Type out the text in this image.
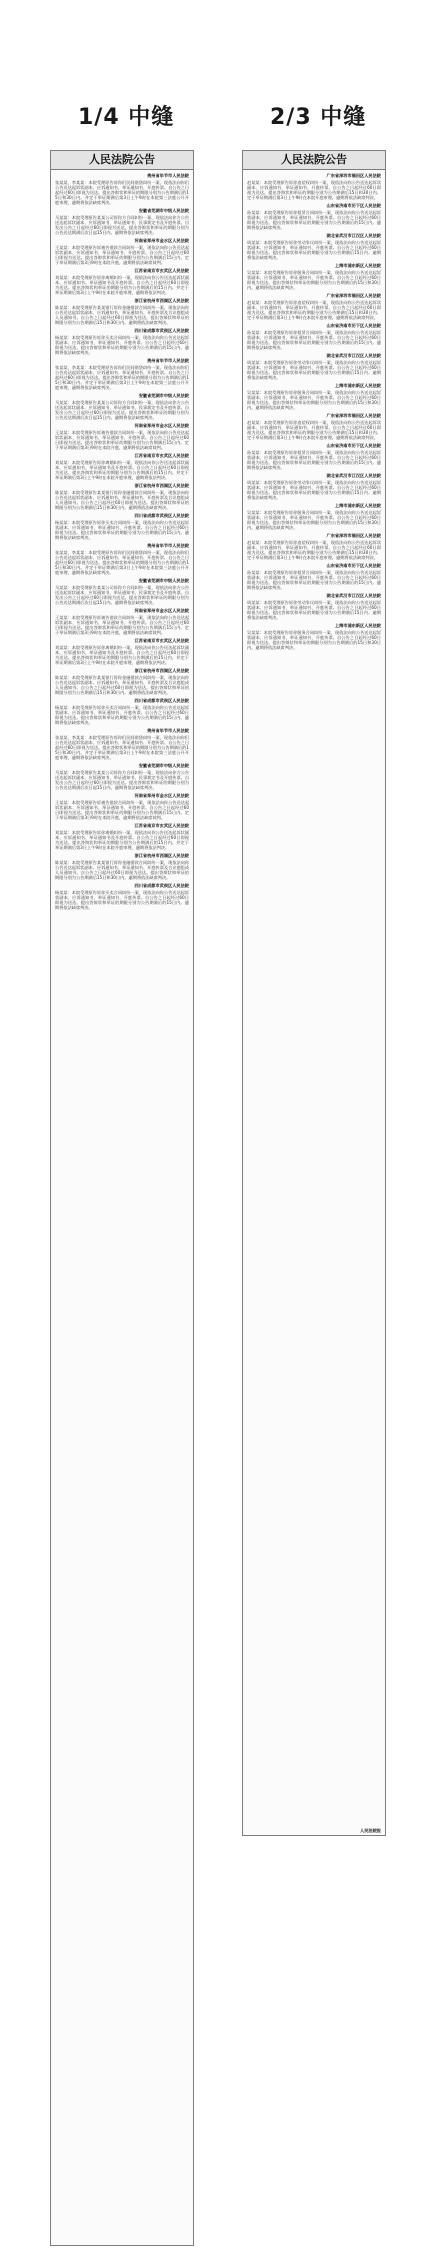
1/4 中缝	2/3 中缝
人民法院公告
贵州省毕节市人民法院
张某某、李某某：本院受理原告诉你们民间借贷纠纷一案，现依法向你们公告送达起诉状副本、应诉通知书、举证通知书、开庭传票。自公告之日起经过60日即视为送达。提出答辩状和举证的期限分别为公告期满后的15日和30日内。并定于举证期满后第3日上午9时在本院第三法庭公开开庭审理，逾期将依法缺席判决。
安徽省芜湖市中级人民法院
马某某：本院受理原告某某公司诉你方合同纠纷一案，现依法向你方公告送达起诉状副本、应诉通知书、举证通知书、民事裁定书及开庭传票。自发出公告之日起经过60日即视为送达。提出答辩状和举证的期限分别为公告送达期满后次日起15日内。逾期将依法缺席判决。
河南省郑州市金水区人民法院
王某某：本院受理原告诉被告借款合同纠纷一案，现依法向你公告送达起诉状副本、应诉通知书、举证通知书、开庭传票。自公告之日起经过60日即视为送达。提出答辩状和举证的期限分别为公告期满后15日内。定于举证期满后第3日9时在本院开庭，逾期将依法缺席裁判。
江苏省南京市玄武区人民法院
刘某某：本院受理原告诉你离婚纠纷一案，现依法向你公告送达起诉状副本、应诉通知书、举证通知书及开庭传票。自公告之日起经过60日即视为送达。提出答辩状和举证的期限分别为公告期满后的15日内。并定于举证期满后第3日上午9时在本院开庭审理，逾期将依法判决。
浙江省杭州市西湖区人民法院
陈某某：本院受理原告某某银行诉你金融借款合同纠纷一案，现依法向你公告送达起诉状副本、应诉通知书、举证通知书、开庭传票及合议庭组成人员通知书。自公告之日起经过60日即视为送达。提出答辩状和举证的期限分别为公告期满后15日和30日内。逾期将依法缺席判决。
四川省成都市武侯区人民法院
杨某某：本院受理原告诉你买卖合同纠纷一案，现依法向你公告送达起诉状副本、应诉通知书、举证通知书、开庭传票。自公告之日起经过60日即视为送达。提出答辩状和举证的期限分别为公告期满后的15日内。逾期将依法缺席判决。
贵州省毕节市人民法院
张某某、李某某：本院受理原告诉你们民间借贷纠纷一案，现依法向你们公告送达起诉状副本、应诉通知书、举证通知书、开庭传票。自公告之日起经过60日即视为送达。提出答辩状和举证的期限分别为公告期满后的15日和30日内。并定于举证期满后第3日上午9时在本院第三法庭公开开庭审理，逾期将依法缺席判决。
安徽省芜湖市中级人民法院
马某某：本院受理原告某某公司诉你方合同纠纷一案，现依法向你方公告送达起诉状副本、应诉通知书、举证通知书、民事裁定书及开庭传票。自发出公告之日起经过60日即视为送达。提出答辩状和举证的期限分别为公告送达期满后次日起15日内。逾期将依法缺席判决。
河南省郑州市金水区人民法院
王某某：本院受理原告诉被告借款合同纠纷一案，现依法向你公告送达起诉状副本、应诉通知书、举证通知书、开庭传票。自公告之日起经过60日即视为送达。提出答辩状和举证的期限分别为公告期满后15日内。定于举证期满后第3日9时在本院开庭，逾期将依法缺席裁判。
江苏省南京市玄武区人民法院
刘某某：本院受理原告诉你离婚纠纷一案，现依法向你公告送达起诉状副本、应诉通知书、举证通知书及开庭传票。自公告之日起经过60日即视为送达。提出答辩状和举证的期限分别为公告期满后的15日内。并定于举证期满后第3日上午9时在本院开庭审理，逾期将依法判决。
浙江省杭州市西湖区人民法院
陈某某：本院受理原告某某银行诉你金融借款合同纠纷一案，现依法向你公告送达起诉状副本、应诉通知书、举证通知书、开庭传票及合议庭组成人员通知书。自公告之日起经过60日即视为送达。提出答辩状和举证的期限分别为公告期满后15日和30日内。逾期将依法缺席判决。
四川省成都市武侯区人民法院
杨某某：本院受理原告诉你买卖合同纠纷一案，现依法向你公告送达起诉状副本、应诉通知书、举证通知书、开庭传票。自公告之日起经过60日即视为送达。提出答辩状和举证的期限分别为公告期满后的15日内。逾期将依法缺席判决。
贵州省毕节市人民法院
张某某、李某某：本院受理原告诉你们民间借贷纠纷一案，现依法向你们公告送达起诉状副本、应诉通知书、举证通知书、开庭传票。自公告之日起经过60日即视为送达。提出答辩状和举证的期限分别为公告期满后的15日和30日内。并定于举证期满后第3日上午9时在本院第三法庭公开开庭审理，逾期将依法缺席判决。
安徽省芜湖市中级人民法院
马某某：本院受理原告某某公司诉你方合同纠纷一案，现依法向你方公告送达起诉状副本、应诉通知书、举证通知书、民事裁定书及开庭传票。自发出公告之日起经过60日即视为送达。提出答辩状和举证的期限分别为公告送达期满后次日起15日内。逾期将依法缺席判决。
河南省郑州市金水区人民法院
王某某：本院受理原告诉被告借款合同纠纷一案，现依法向你公告送达起诉状副本、应诉通知书、举证通知书、开庭传票。自公告之日起经过60日即视为送达。提出答辩状和举证的期限分别为公告期满后15日内。定于举证期满后第3日9时在本院开庭，逾期将依法缺席裁判。
江苏省南京市玄武区人民法院
刘某某：本院受理原告诉你离婚纠纷一案，现依法向你公告送达起诉状副本、应诉通知书、举证通知书及开庭传票。自公告之日起经过60日即视为送达。提出答辩状和举证的期限分别为公告期满后的15日内。并定于举证期满后第3日上午9时在本院开庭审理，逾期将依法判决。
浙江省杭州市西湖区人民法院
陈某某：本院受理原告某某银行诉你金融借款合同纠纷一案，现依法向你公告送达起诉状副本、应诉通知书、举证通知书、开庭传票及合议庭组成人员通知书。自公告之日起经过60日即视为送达。提出答辩状和举证的期限分别为公告期满后15日和30日内。逾期将依法缺席判决。
四川省成都市武侯区人民法院
杨某某：本院受理原告诉你买卖合同纠纷一案，现依法向你公告送达起诉状副本、应诉通知书、举证通知书、开庭传票。自公告之日起经过60日即视为送达。提出答辩状和举证的期限分别为公告期满后的15日内。逾期将依法缺席判决。
贵州省毕节市人民法院
张某某、李某某：本院受理原告诉你们民间借贷纠纷一案，现依法向你们公告送达起诉状副本、应诉通知书、举证通知书、开庭传票。自公告之日起经过60日即视为送达。提出答辩状和举证的期限分别为公告期满后的15日和30日内。并定于举证期满后第3日上午9时在本院第三法庭公开开庭审理，逾期将依法缺席判决。
安徽省芜湖市中级人民法院
马某某：本院受理原告某某公司诉你方合同纠纷一案，现依法向你方公告送达起诉状副本、应诉通知书、举证通知书、民事裁定书及开庭传票。自发出公告之日起经过60日即视为送达。提出答辩状和举证的期限分别为公告送达期满后次日起15日内。逾期将依法缺席判决。
河南省郑州市金水区人民法院
王某某：本院受理原告诉被告借款合同纠纷一案，现依法向你公告送达起诉状副本、应诉通知书、举证通知书、开庭传票。自公告之日起经过60日即视为送达。提出答辩状和举证的期限分别为公告期满后15日内。定于举证期满后第3日9时在本院开庭，逾期将依法缺席裁判。
江苏省南京市玄武区人民法院
刘某某：本院受理原告诉你离婚纠纷一案，现依法向你公告送达起诉状副本、应诉通知书、举证通知书及开庭传票。自公告之日起经过60日即视为送达。提出答辩状和举证的期限分别为公告期满后的15日内。并定于举证期满后第3日上午9时在本院开庭审理，逾期将依法判决。
浙江省杭州市西湖区人民法院
陈某某：本院受理原告某某银行诉你金融借款合同纠纷一案，现依法向你公告送达起诉状副本、应诉通知书、举证通知书、开庭传票及合议庭组成人员通知书。自公告之日起经过60日即视为送达。提出答辩状和举证的期限分别为公告期满后15日和30日内。逾期将依法缺席判决。
四川省成都市武侯区人民法院
杨某某：本院受理原告诉你买卖合同纠纷一案，现依法向你公告送达起诉状副本、应诉通知书、举证通知书、开庭传票。自公告之日起经过60日即视为送达。提出答辩状和举证的期限分别为公告期满后的15日内。逾期将依法缺席判决。
人民法院公告
广东省深圳市福田区人民法院
赵某某：本院受理原告诉你追偿权纠纷一案，现依法向你公告送达起诉状副本、应诉通知书、举证通知书、开庭传票。自公告之日起经过60日即视为送达。提出答辩状和举证的期限分别为公告期满后15日和30日内。定于举证期满后第3日上午9时在本院开庭审理，逾期将依法缺席判决。
山东省济南市历下区人民法院
孙某某：本院受理原告诉你租赁合同纠纷一案，现依法向你公告送达起诉状副本、应诉通知书、举证通知书、开庭传票。自公告之日起经过60日即视为送达。提出答辩状和举证的期限分别为公告期满后的15日内。逾期将依法缺席判决。
湖北省武汉市江汉区人民法院
周某某：本院受理原告诉你劳动争议纠纷一案，现依法向你公告送达起诉状副本、应诉通知书、举证通知书、开庭传票。自公告之日起经过60日即视为送达。提出答辩状和举证的期限分别为公告期满后15日内。逾期将依法缺席判决。
上海市浦东新区人民法院
吴某某：本院受理原告诉你服务合同纠纷一案，现依法向你公告送达起诉状副本、应诉通知书、举证通知书、开庭传票。自公告之日起经过60日即视为送达。提出答辩状和举证的期限分别为公告期满后的15日和30日内。逾期将依法缺席判决。
广东省深圳市福田区人民法院
赵某某：本院受理原告诉你追偿权纠纷一案，现依法向你公告送达起诉状副本、应诉通知书、举证通知书、开庭传票。自公告之日起经过60日即视为送达。提出答辩状和举证的期限分别为公告期满后15日和30日内。定于举证期满后第3日上午9时在本院开庭审理，逾期将依法缺席判决。
山东省济南市历下区人民法院
孙某某：本院受理原告诉你租赁合同纠纷一案，现依法向你公告送达起诉状副本、应诉通知书、举证通知书、开庭传票。自公告之日起经过60日即视为送达。提出答辩状和举证的期限分别为公告期满后的15日内。逾期将依法缺席判决。
湖北省武汉市江汉区人民法院
周某某：本院受理原告诉你劳动争议纠纷一案，现依法向你公告送达起诉状副本、应诉通知书、举证通知书、开庭传票。自公告之日起经过60日即视为送达。提出答辩状和举证的期限分别为公告期满后15日内。逾期将依法缺席判决。
上海市浦东新区人民法院
吴某某：本院受理原告诉你服务合同纠纷一案，现依法向你公告送达起诉状副本、应诉通知书、举证通知书、开庭传票。自公告之日起经过60日即视为送达。提出答辩状和举证的期限分别为公告期满后的15日和30日内。逾期将依法缺席判决。
广东省深圳市福田区人民法院
赵某某：本院受理原告诉你追偿权纠纷一案，现依法向你公告送达起诉状副本、应诉通知书、举证通知书、开庭传票。自公告之日起经过60日即视为送达。提出答辩状和举证的期限分别为公告期满后15日和30日内。定于举证期满后第3日上午9时在本院开庭审理，逾期将依法缺席判决。
山东省济南市历下区人民法院
孙某某：本院受理原告诉你租赁合同纠纷一案，现依法向你公告送达起诉状副本、应诉通知书、举证通知书、开庭传票。自公告之日起经过60日即视为送达。提出答辩状和举证的期限分别为公告期满后的15日内。逾期将依法缺席判决。
湖北省武汉市江汉区人民法院
周某某：本院受理原告诉你劳动争议纠纷一案，现依法向你公告送达起诉状副本、应诉通知书、举证通知书、开庭传票。自公告之日起经过60日即视为送达。提出答辩状和举证的期限分别为公告期满后15日内。逾期将依法缺席判决。
上海市浦东新区人民法院
吴某某：本院受理原告诉你服务合同纠纷一案，现依法向你公告送达起诉状副本、应诉通知书、举证通知书、开庭传票。自公告之日起经过60日即视为送达。提出答辩状和举证的期限分别为公告期满后的15日和30日内。逾期将依法缺席判决。
广东省深圳市福田区人民法院
赵某某：本院受理原告诉你追偿权纠纷一案，现依法向你公告送达起诉状副本、应诉通知书、举证通知书、开庭传票。自公告之日起经过60日即视为送达。提出答辩状和举证的期限分别为公告期满后15日和30日内。定于举证期满后第3日上午9时在本院开庭审理，逾期将依法缺席判决。
山东省济南市历下区人民法院
孙某某：本院受理原告诉你租赁合同纠纷一案，现依法向你公告送达起诉状副本、应诉通知书、举证通知书、开庭传票。自公告之日起经过60日即视为送达。提出答辩状和举证的期限分别为公告期满后的15日内。逾期将依法缺席判决。
湖北省武汉市江汉区人民法院
周某某：本院受理原告诉你劳动争议纠纷一案，现依法向你公告送达起诉状副本、应诉通知书、举证通知书、开庭传票。自公告之日起经过60日即视为送达。提出答辩状和举证的期限分别为公告期满后15日内。逾期将依法缺席判决。
上海市浦东新区人民法院
吴某某：本院受理原告诉你服务合同纠纷一案，现依法向你公告送达起诉状副本、应诉通知书、举证通知书、开庭传票。自公告之日起经过60日即视为送达。提出答辩状和举证的期限分别为公告期满后的15日和30日内。逾期将依法缺席判决。
人民法院报
